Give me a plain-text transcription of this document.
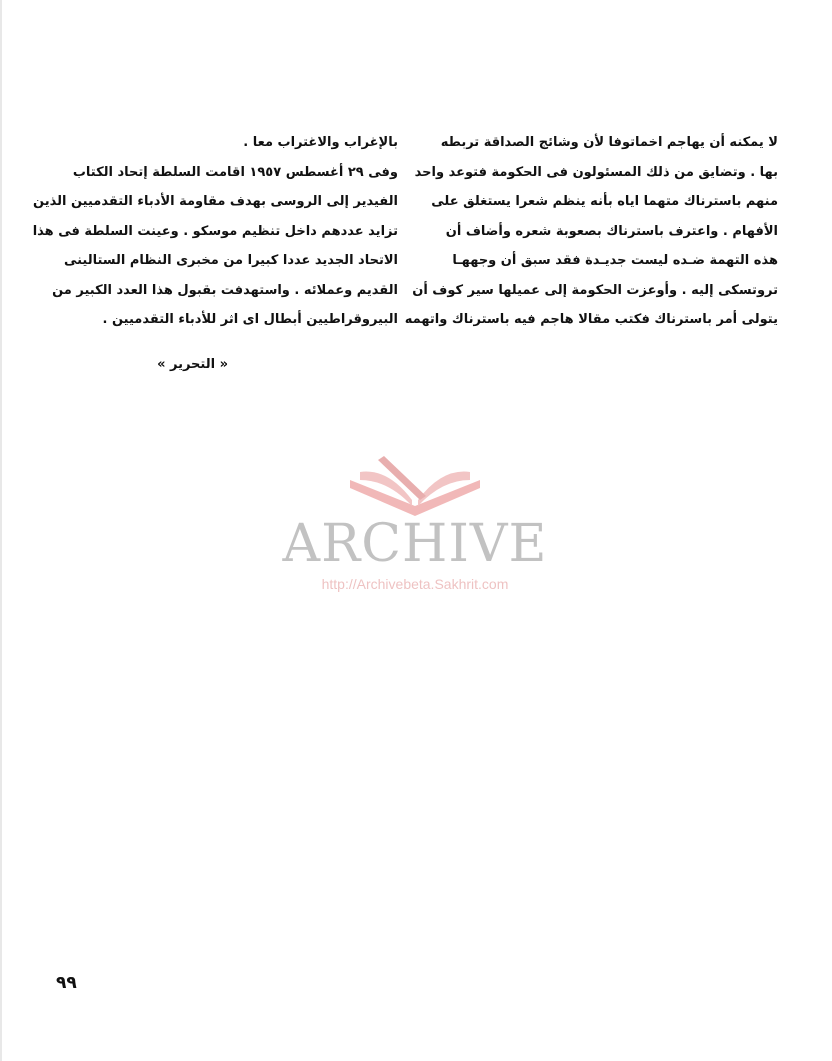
لا يمكنه أن يهاجم اخماتوفا لأن وشائج الصداقة تربطه
بها . وتضايق من ذلك المسئولون فى الحكومة فتوعد واحد
منهم باسترناك متهما اياه بأنه ينظم شعرا يستغلق على
الأفهام . واعترف باسترناك بصعوبة شعره وأضاف أن
هذه التهمة ضـده ليست جديـدة فقد سبق أن وجههـا
تروتسكى إليه . وأوعزت الحكومة إلى عميلها سير كوف أن
يتولى أمر باسترناك فكتب مقالا هاجم فيه باسترناك واتهمه
بالإغراب والاغتراب معا .
وفى ٢٩ أغسطس ١٩٥٧ اقامت السلطة إتحاد الكتاب
الفيدير إلى الروسى بهدف مقاومة الأدباء التقدميين الذين
تزايد عددهم داخل تنظيم موسكو . وعينت السلطة فى هذا
الاتحاد الجديد عددا كبيرا من مخبرى النظام الستالينى
القديم وعملائه . واستهدفت بقبول هذا العدد الكبير من
البيروقراطيين أبطال اى اثر للأدباء التقدميين .
« التحرير »
ARCHIVE
http://Archivebeta.Sakhrit.com
٩٩
